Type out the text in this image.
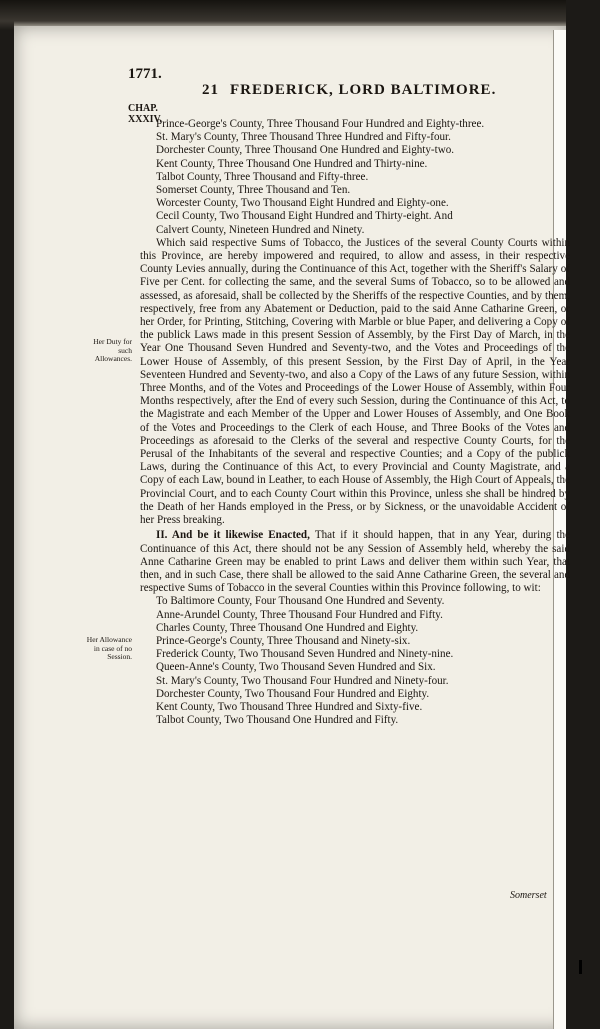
1771.
21 FREDERICK, LORD BALTIMORE.
CHAP.
XXXIV.
Her Duty for such Allowances.
Her Allowance in case of no Session.

Prince-George's County, Three Thousand Four Hundred and Eighty-three.

St. Mary's County, Three Thousand Three Hundred and Fifty-four.

Dorchester County, Three Thousand One Hundred and Eighty-two.

Kent County, Three Thousand One Hundred and Thirty-nine.

Talbot County, Three Thousand and Fifty-three.

Somerset County, Three Thousand and Ten.

Worcester County, Two Thousand Eight Hundred and Eighty-one.

Cecil County, Two Thousand Eight Hundred and Thirty-eight. And

Calvert County, Nineteen Hundred and Ninety.

Which said respective Sums of Tobacco, the Justices of the several County Courts within this Province, are hereby impowered and required, to allow and assess, in their respective County Levies annually, during the Continuance of this Act, together with the Sheriff's Salary of Five per Cent. for collecting the same, and the several Sums of Tobacco, so to be allowed and assessed, as aforesaid, shall be collected by the Sheriffs of the respective Counties, and by them, respectively, free from any Abatement or Deduction, paid to the said Anne Catharine Green, or her Order, for Printing, Stitching, Covering with Marble or blue Paper, and delivering a Copy of the publick Laws made in this present Session of Assembly, by the First Day of March, in the Year One Thousand Seven Hundred and Seventy-two, and the Votes and Proceedings of the Lower House of Assembly, of this present Session, by the First Day of April, in the Year Seventeen Hundred and Seventy-two, and also a Copy of the Laws of any future Session, within Three Months, and of the Votes and Proceedings of the Lower House of Assembly, within Four Months respectively, after the End of every such Session, during the Continuance of this Act, to the Magistrate and each Member of the Upper and Lower Houses of Assembly, and One Book of the Votes and Proceedings to the Clerk of each House, and Three Books of the Votes and Proceedings as aforesaid to the Clerks of the several and respective County Courts, for the Perusal of the Inhabitants of the several and respective Counties; and a Copy of the publick Laws, during the Continuance of this Act, to every Provincial and County Magistrate, and a Copy of each Law, bound in Leather, to each House of Assembly, the High Court of Appeals, the Provincial Court, and to each County Court within this Province, unless she shall be hindred by the Death of her Hands employed in the Press, or by Sickness, or the unavoidable Accident of her Press breaking.

II. And be it likewise Enacted, That if it should happen, that in any Year, during the Continuance of this Act, there should not be any Session of Assembly held, whereby the said Anne Catharine Green may be enabled to print Laws and deliver them within such Year, that then, and in such Case, there shall be allowed to the said Anne Catharine Green, the several and respective Sums of Tobacco in the several Counties within this Province following, to wit:

To Baltimore County, Four Thousand One Hundred and Seventy.

Anne-Arundel County, Three Thousand Four Hundred and Fifty.

Charles County, Three Thousand One Hundred and Eighty.

Prince-George's County, Three Thousand and Ninety-six.

Frederick County, Two Thousand Seven Hundred and Ninety-nine.

Queen-Anne's County, Two Thousand Seven Hundred and Six.

St. Mary's County, Two Thousand Four Hundred and Ninety-four.

Dorchester County, Two Thousand Four Hundred and Eighty.

Kent County, Two Thousand Three Hundred and Sixty-five.

Talbot County, Two Thousand One Hundred and Fifty.

Somerset
